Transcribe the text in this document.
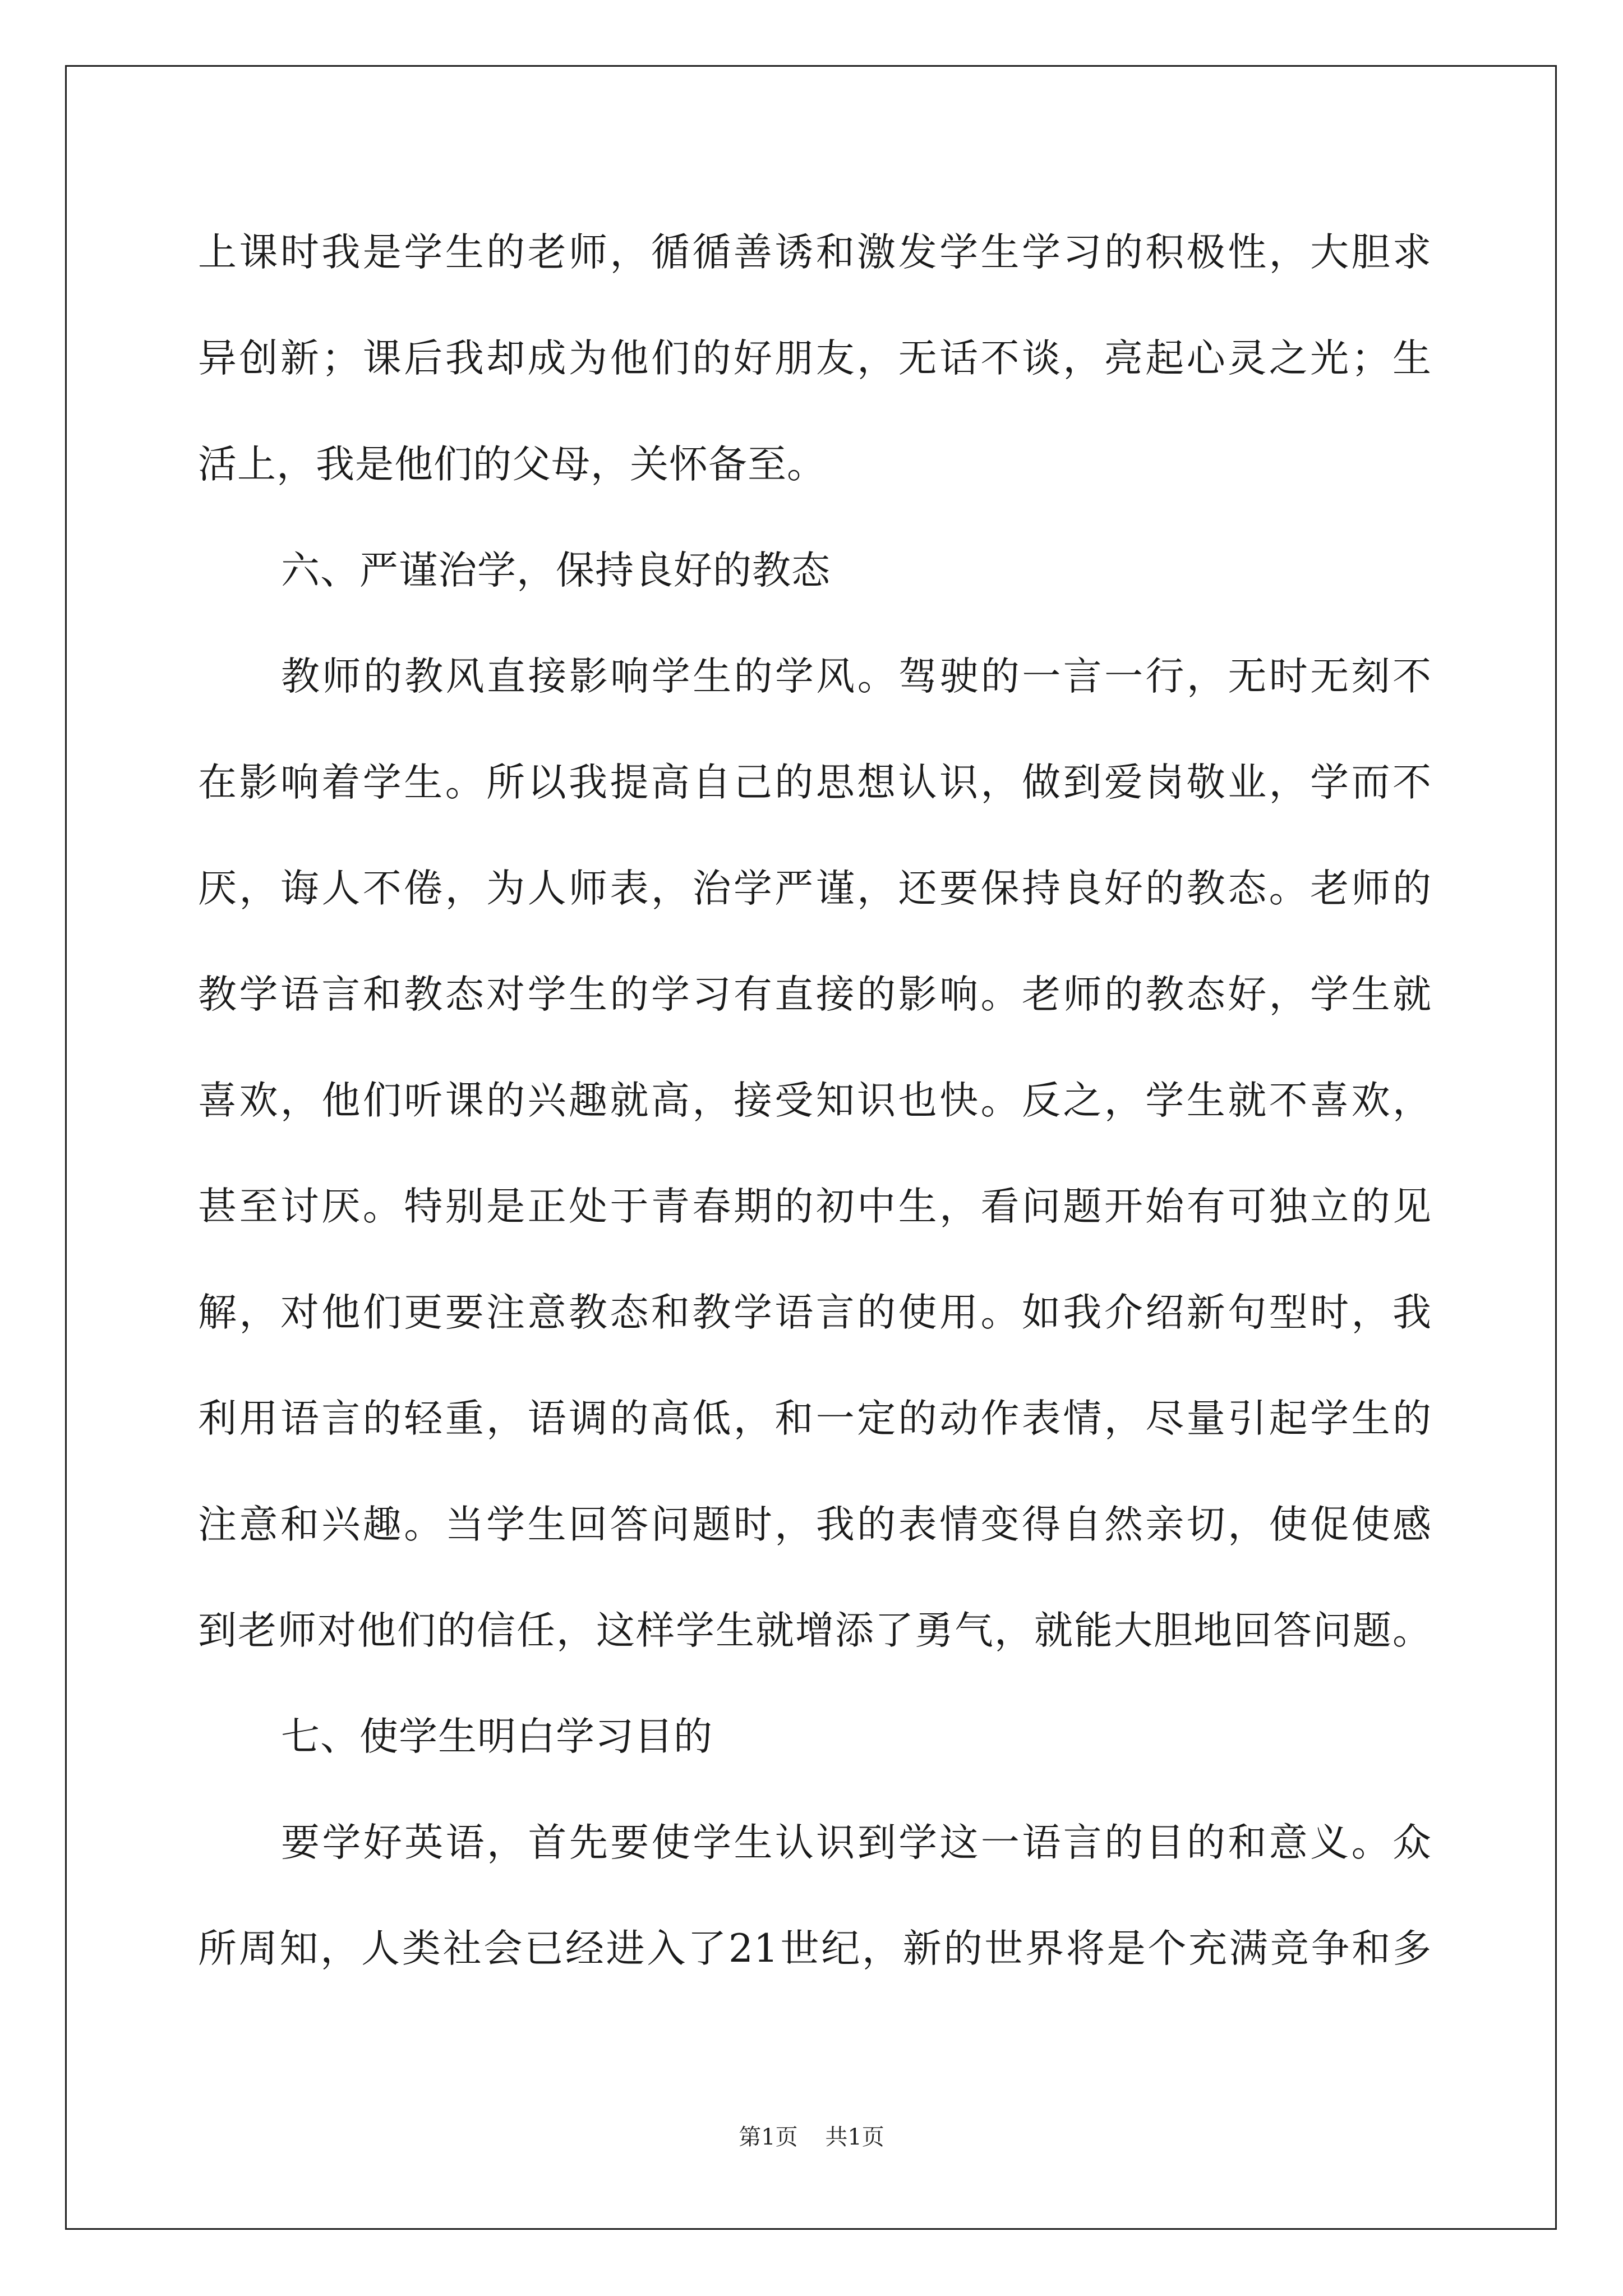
上课时我是学生的老师，循循善诱和激发学生学习的积极性，大胆求
异创新；课后我却成为他们的好朋友，无话不谈，亮起心灵之光；生
活上，我是他们的父母，关怀备至。
六、严谨治学，保持良好的教态
教师的教风直接影响学生的学风。驾驶的一言一行，无时无刻不
在影响着学生。所以我提高自己的思想认识，做到爱岗敬业，学而不
厌，诲人不倦，为人师表，治学严谨，还要保持良好的教态。老师的
教学语言和教态对学生的学习有直接的影响。老师的教态好，学生就
喜欢，他们听课的兴趣就高，接受知识也快。反之，学生就不喜欢，
甚至讨厌。特别是正处于青春期的初中生，看问题开始有可独立的见
解，对他们更要注意教态和教学语言的使用。如我介绍新句型时，我
利用语言的轻重，语调的高低，和一定的动作表情，尽量引起学生的
注意和兴趣。当学生回答问题时，我的表情变得自然亲切，使促使感
到老师对他们的信任，这样学生就增添了勇气，就能大胆地回答问题。
七、使学生明白学习目的
要学好英语，首先要使学生认识到学这一语言的目的和意义。众
所周知，人类社会已经进入了21世纪，新的世界将是个充满竞争和多
第1页 共1页
